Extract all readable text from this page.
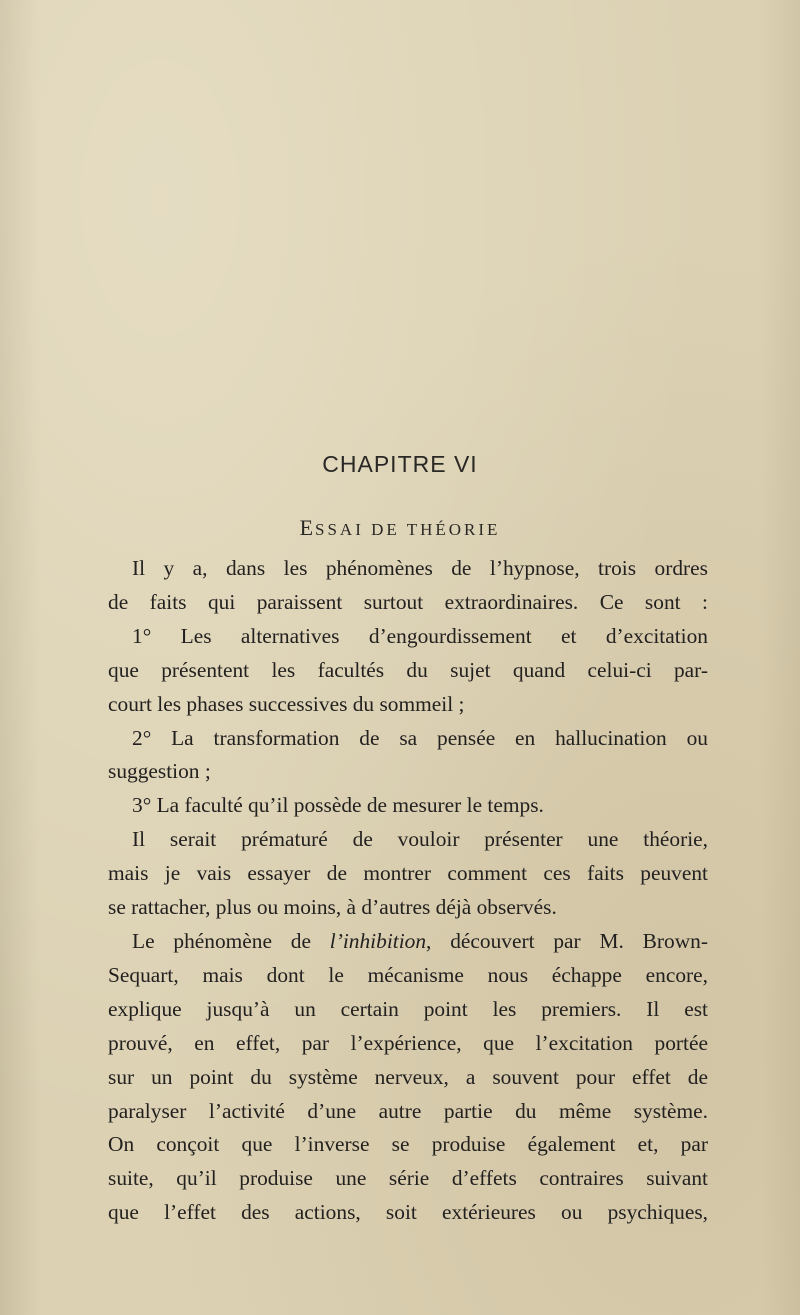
CHAPITRE VI
ESSAI DE THÉORIE
Il y a, dans les phénomènes de l’hypnose, trois ordres
de faits qui paraissent surtout extraordinaires. Ce sont :
1° Les alternatives d’engourdissement et d’excitation
que présentent les facultés du sujet quand celui-ci par-
court les phases successives du sommeil ;
2° La transformation de sa pensée en hallucination ou
suggestion ;
3° La faculté qu’il possède de mesurer le temps.
Il serait prématuré de vouloir présenter une théorie,
mais je vais essayer de montrer comment ces faits peuvent
se rattacher, plus ou moins, à d’autres déjà observés.
Le phénomène de l’inhibition, découvert par M. Brown-
Sequart, mais dont le mécanisme nous échappe encore,
explique jusqu’à un certain point les premiers. Il est
prouvé, en effet, par l’expérience, que l’excitation portée
sur un point du système nerveux, a souvent pour effet de
paralyser l’activité d’une autre partie du même système.
On conçoit que l’inverse se produise également et, par
suite, qu’il produise une série d’effets contraires suivant
que l’effet des actions, soit extérieures ou psychiques,
